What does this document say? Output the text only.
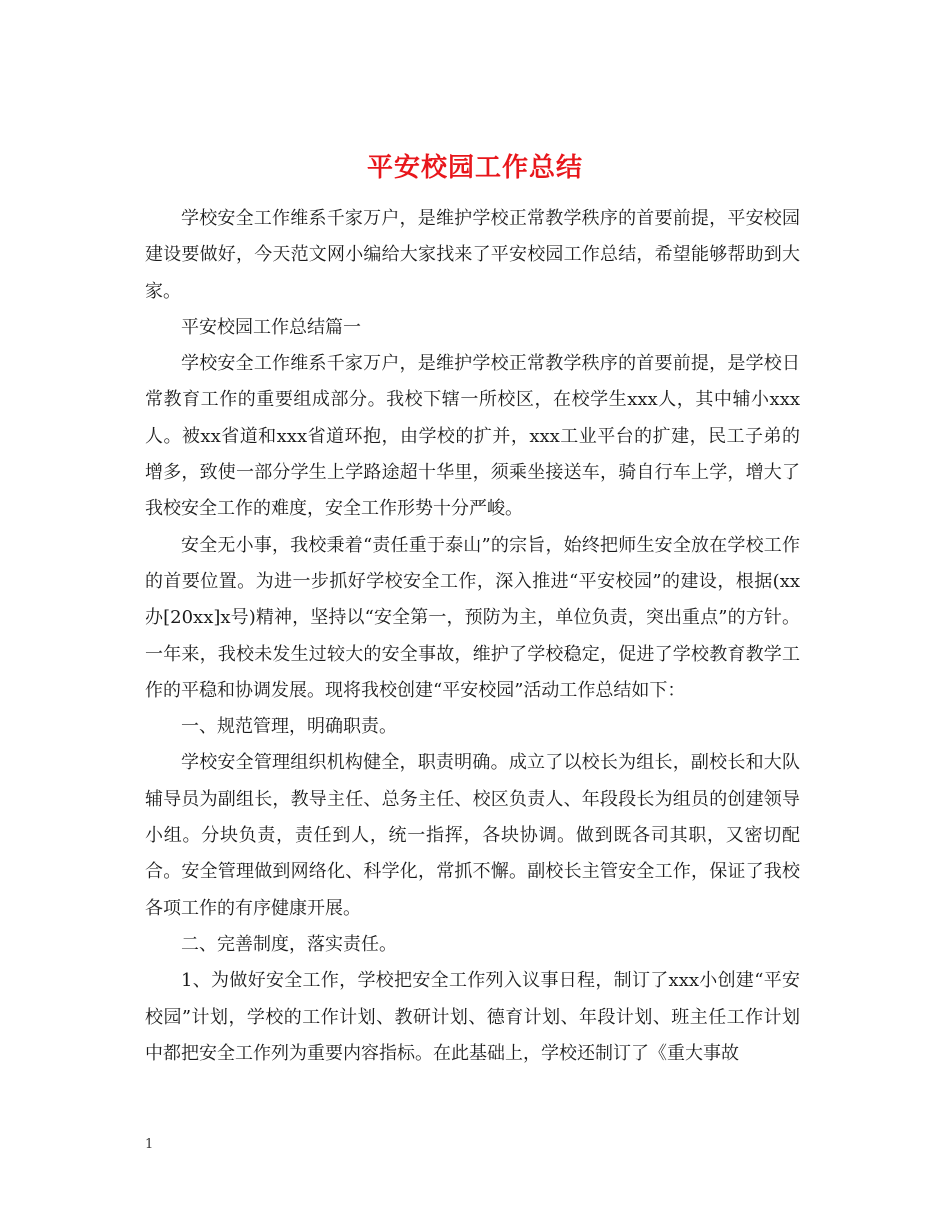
平安校园工作总结

学校安全工作维系千家万户，是维护学校正常教学秩序的首要前提，平安校园建设要做好，今天范文网小编给大家找来了平安校园工作总结，希望能够帮助到大家。

平安校园工作总结篇一

学校安全工作维系千家万户，是维护学校正常教学秩序的首要前提，是学校日常教育工作的重要组成部分。我校下辖一所校区，在校学生xxx人，其中辅小xxx人。被xx省道和xxx省道环抱，由学校的扩并，xxx工业平台的扩建，民工子弟的增多，致使一部分学生上学路途超十华里，须乘坐接送车，骑自行车上学，增大了我校安全工作的难度，安全工作形势十分严峻。

安全无小事，我校秉着“责任重于泰山”的宗旨，始终把师生安全放在学校工作的首要位置。为进一步抓好学校安全工作，深入推进“平安校园”的建设，根据(xx办[20xx]x号)精神，坚持以“安全第一，预防为主，单位负责，突出重点”的方针。一年来，我校未发生过较大的安全事故，维护了学校稳定，促进了学校教育教学工作的平稳和协调发展。现将我校创建“平安校园”活动工作总结如下：

一、规范管理，明确职责。

学校安全管理组织机构健全，职责明确。成立了以校长为组长，副校长和大队辅导员为副组长，教导主任、总务主任、校区负责人、年段段长为组员的创建领导小组。分块负责，责任到人，统一指挥，各块协调。做到既各司其职，又密切配合。安全管理做到网络化、科学化，常抓不懈。副校长主管安全工作，保证了我校各项工作的有序健康开展。

二、完善制度，落实责任。

1、为做好安全工作，学校把安全工作列入议事日程，制订了xxx小创建“平安校园”计划，学校的工作计划、教研计划、德育计划、年段计划、班主任工作计划中都把安全工作列为重要内容指标。在此基础上，学校还制订了《重大事故

1
